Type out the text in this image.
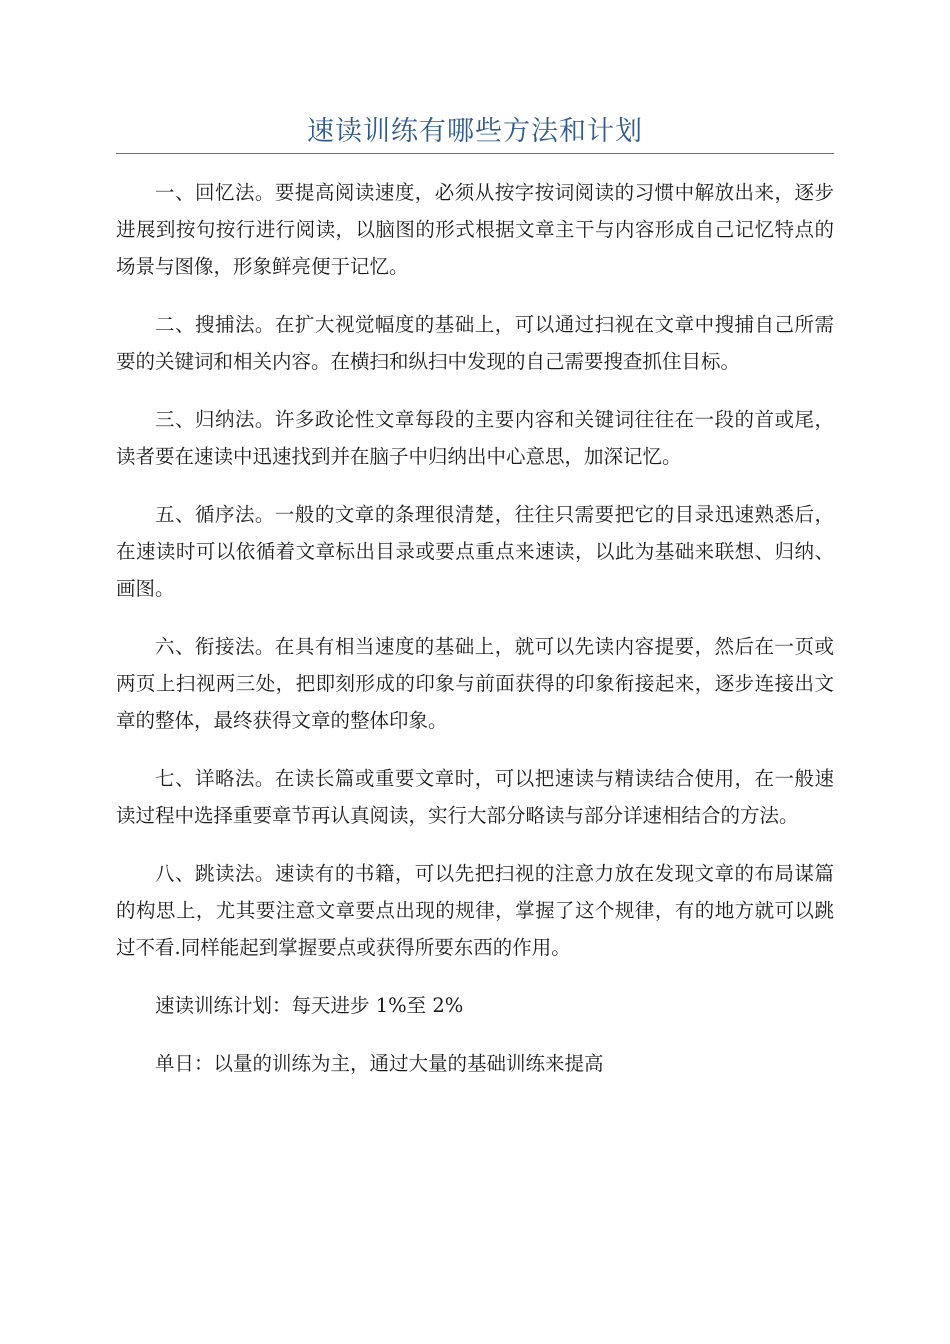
速读训练有哪些方法和计划

一、回忆法。要提高阅读速度，必须从按字按词阅读的习惯中解放出来，逐步进展到按句按行进行阅读，以脑图的形式根据文章主干与内容形成自己记忆特点的场景与图像，形象鲜亮便于记忆。

二、搜捕法。在扩大视觉幅度的基础上，可以通过扫视在文章中搜捕自己所需要的关键词和相关内容。在横扫和纵扫中发现的自己需要搜查抓住目标。

三、归纳法。许多政论性文章每段的主要内容和关键词往往在一段的首或尾，读者要在速读中迅速找到并在脑子中归纳出中心意思，加深记忆。

五、循序法。一般的文章的条理很清楚，往往只需要把它的目录迅速熟悉后，在速读时可以依循着文章标出目录或要点重点来速读，以此为基础来联想、归纳、画图。

六、衔接法。在具有相当速度的基础上，就可以先读内容提要，然后在一页或两页上扫视两三处，把即刻形成的印象与前面获得的印象衔接起来，逐步连接出文章的整体，最终获得文章的整体印象。

七、详略法。在读长篇或重要文章时，可以把速读与精读结合使用，在一般速读过程中选择重要章节再认真阅读，实行大部分略读与部分详速相结合的方法。

八、跳读法。速读有的书籍，可以先把扫视的注意力放在发现文章的布局谋篇的构思上，尤其要注意文章要点出现的规律，掌握了这个规律，有的地方就可以跳过不看.同样能起到掌握要点或获得所要东西的作用。

速读训练计划：每天进步 1%至 2%

单日：以量的训练为主，通过大量的基础训练来提高
